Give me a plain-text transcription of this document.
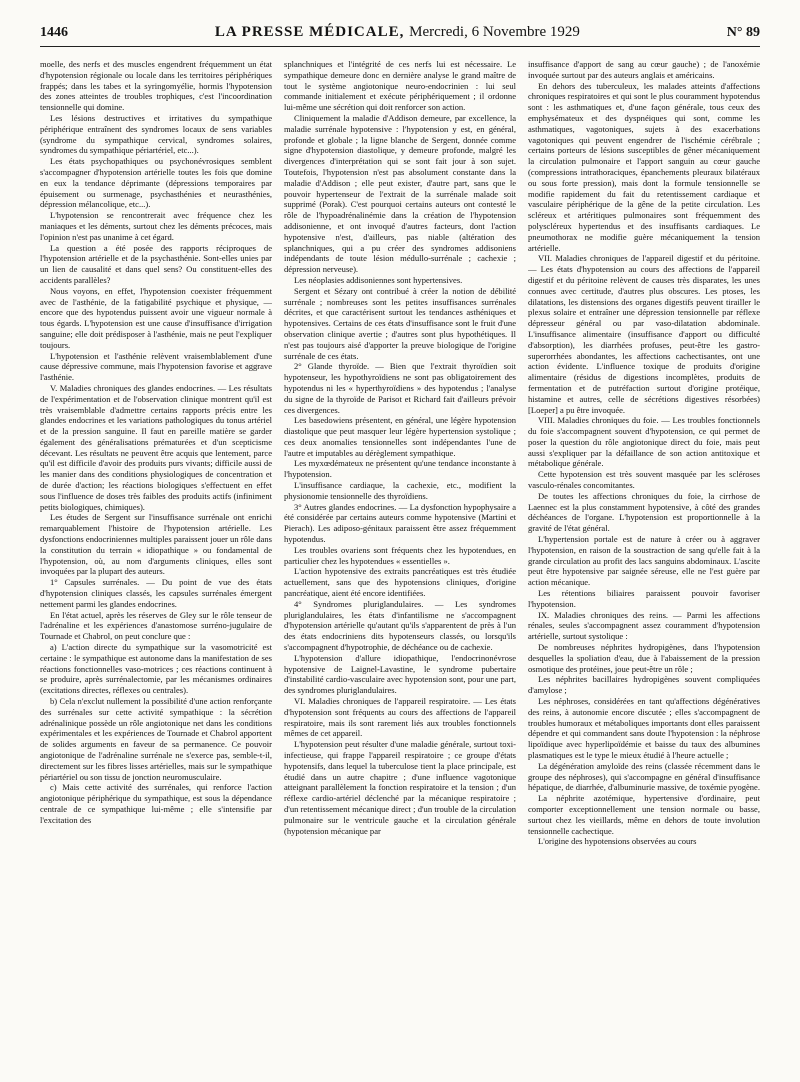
1446	LA PRESSE MÉDICALE, Mercredi, 6 Novembre 1929	N° 89

moelle, des nerfs et des muscles engendrent fréquemment un état d'hypotension régionale ou locale dans les territoires périphériques frappés; dans les tabes et la syringomyélie, hormis l'hypotension des zones atteintes de troubles trophiques, c'est l'incoordination tensionnelle qui domine.

Les lésions destructives et irritatives du sympathique périphérique entraînent des syndromes locaux de sens variables (syndrome du sympathique cervical, syndromes solaires, syndromes du sympathique périartériel, etc...).

Les états psychopathiques ou psychonévrosiques semblent s'accompagner d'hypotension artérielle toutes les fois que domine en eux la tendance déprimante (dépressions temporaires par épuisement ou surmenage, psychasthénies et neurasthénies, dépression mélancolique, etc...).

L'hypotension se rencontrerait avec fréquence chez les maniaques et les déments, surtout chez les déments précoces, mais l'opinion n'est pas unanime à cet égard.

La question a été posée des rapports réciproques de l'hypotension artérielle et de la psychasthénie. Sont-elles unies par un lien de causalité et dans quel sens? Ou constituent-elles des accidents parallèles?

Nous voyons, en effet, l'hypotension coexister fréquemment avec de l'asthénie, de la fatigabilité psychique et physique, — encore que des hypotendus puissent avoir une vigueur normale à tous égards. L'hypotension est une cause d'insuffisance d'irrigation sanguine; elle doit prédisposer à l'asthénie, mais ne peut l'expliquer toujours.

L'hypotension et l'asthénie relèvent vraisemblablement d'une cause dépressive commune, mais l'hypotension favorise et aggrave l'asthénie.

V. Maladies chroniques des glandes endocrines. — Les résultats de l'expérimentation et de l'observation clinique montrent qu'il est très vraisemblable d'admettre certains rapports précis entre les glandes endocrines et les variations pathologiques du tonus artériel et de la pression sanguine. Il faut en pareille matière se garder également des généralisations prématurées et d'un scepticisme décevant. Les résultats ne peuvent être acquis que lentement, parce qu'il est difficile d'avoir des produits purs vivants; difficile aussi de les manier dans des conditions physiologiques de concentration et de durée d'action; les réactions biologiques s'effectuent en effet sous l'influence de doses très faibles des produits actifs (infiniment petits biologiques, chimiques).

Les études de Sergent sur l'insuffisance surrénale ont enrichi remarquablement l'histoire de l'hypotension artérielle. Les dysfonctions endocriniennes multiples paraissent jouer un rôle dans la constitution du terrain « idiopathique » ou fondamental de l'hypotension, où, au nom d'arguments cliniques, elles sont invoquées par la plupart des auteurs.

1° Capsules surrénales. — Du point de vue des états d'hypotension cliniques classés, les capsules surrénales émergent nettement parmi les glandes endocrines.

En l'état actuel, après les réserves de Gley sur le rôle tenseur de l'adrénaline et les expériences d'anastomose surréno-jugulaire de Tournade et Chabrol, on peut conclure que :

a) L'action directe du sympathique sur la vasomotricité est certaine : le sympathique est autonome dans la manifestation de ses réactions fonctionnelles vaso-motrices ; ces réactions continuent à se produire, après surrénalectomie, par les mécanismes ordinaires (excitations directes, réflexes ou centrales).

b) Cela n'exclut nullement la possibilité d'une action renforçante des surrénales sur cette activité sympathique : la sécrétion adrénalinique possède un rôle angiotonique net dans les conditions expérimentales et les expériences de Tournade et Chabrol apportent de solides arguments en faveur de sa permanence. Ce pouvoir angiotonique de l'adrénaline surrénale ne s'exerce pas, semble-t-il, directement sur les fibres lisses artérielles, mais sur le sympathique périartériel ou son tissu de jonction neuromusculaire.

c) Mais cette activité des surrénales, qui renforce l'action angiotonique périphérique du sympathique, est sous la dépendance centrale de ce sympathique lui-même ; elle s'intensifie par l'excitation des

splanchniques et l'intégrité de ces nerfs lui est nécessaire. Le sympathique demeure donc en dernière analyse le grand maître de tout le système angiotonique neuro-endocrinien : lui seul commande initialement et exécute périphériquement ; il ordonne lui-même une sécrétion qui doit renforcer son action.

Cliniquement la maladie d'Addison demeure, par excellence, la maladie surrénale hypotensive : l'hypotension y est, en général, profonde et globale ; la ligne blanche de Sergent, donnée comme signe d'hypotension diastolique, y demeure profonde, malgré les divergences d'interprétation qui se sont fait jour à son sujet. Toutefois, l'hypotension n'est pas absolument constante dans la maladie d'Addison ; elle peut exister, d'autre part, sans que le pouvoir hypertenseur de l'extrait de la surrénale malade soit supprimé (Porak). C'est pourquoi certains auteurs ont contesté le rôle de l'hypoadrénalinémie dans la création de l'hypotension addisonienne, et ont invoqué d'autres facteurs, dont l'action hypotensive n'est, d'ailleurs, pas niable (altération des splanchniques, qui a pu créer des syndromes addisoniens indépendants de toute lésion médullo-surrénale ; cachexie ; dépression nerveuse).

Les néoplasies addisoniennes sont hypertensives.

Sergent et Sézary ont contribué à créer la notion de débilité surrénale ; nombreuses sont les petites insuffisances surrénales décrites, et que caractérisent surtout les tendances asthéniques et hypotensives. Certains de ces états d'insuffisance sont le fruit d'une observation clinique avertie ; d'autres sont plus hypothétiques. Il n'est pas toujours aisé d'apporter la preuve biologique de l'origine surrénale de ces états.

2° Glande thyroïde. — Bien que l'extrait thyroïdien soit hypotenseur, les hypothyroïdiens ne sont pas obligatoirement des hypotendus ni les « hyperthyroïdiens » des hypotendus ; l'analyse du signe de la thyroïde de Parisot et Richard fait d'ailleurs prévoir ces divergences.

Les basedowiens présentent, en général, une légère hypotension diastolique que peut masquer leur légère hypertension systolique ; ces deux anomalies tensionnelles sont indépendantes l'une de l'autre et imputables au dérèglement sympathique.

Les myxœdémateux ne présentent qu'une tendance inconstante à l'hypotension.

L'insuffisance cardiaque, la cachexie, etc., modifient la physionomie tensionnelle des thyroïdiens.

3° Autres glandes endocrines. — La dysfonction hypophysaire a été considérée par certains auteurs comme hypotensive (Martini et Pierach). Les adiposo-génitaux paraissent être assez fréquemment hypotendus.

Les troubles ovariens sont fréquents chez les hypotendues, en particulier chez les hypotendues « essentielles ».

L'action hypotensive des extraits pancréatiques est très étudiée actuellement, sans que des hypotensions cliniques, d'origine pancréatique, aient été encore identifiées.

4° Syndromes pluriglandulaires. — Les syndromes pluriglandulaires, les états d'infantilisme ne s'accompagnent d'hypotension artérielle qu'autant qu'ils s'apparentent de près à l'un des états endocriniens dits hypotenseurs classés, ou lorsqu'ils s'accompagnent d'hypotrophie, de déchéance ou de cachexie.

L'hypotension d'allure idiopathique, l'endocrinonévrose hypotensive de Laignel-Lavastine, le syndrome pubertaire d'instabilité cardio-vasculaire avec hypotension sont, pour une part, des syndromes pluriglandulaires.

VI. Maladies chroniques de l'appareil respiratoire. — Les états d'hypotension sont fréquents au cours des affections de l'appareil respiratoire, mais ils sont rarement liés aux troubles fonctionnels mêmes de cet appareil.

L'hypotension peut résulter d'une maladie générale, surtout toxi-infectieuse, qui frappe l'appareil respiratoire ; ce groupe d'états hypotensifs, dans lequel la tuberculose tient la place principale, est étudié dans un autre chapitre ; d'une influence vagotonique atteignant parallèlement la fonction respiratoire et la tension ; d'un réflexe cardio-artériel déclenché par la mécanique respiratoire ; d'un retentissement mécanique direct ; d'un trouble de la circulation pulmonaire sur le ventricule gauche et la circulation générale (hypotension mécanique par

insuffisance d'apport de sang au cœur gauche) ; de l'anoxémie invoquée surtout par des auteurs anglais et américains.

En dehors des tuberculeux, les malades atteints d'affections chroniques respiratoires et qui sont le plus couramment hypotendus sont : les asthmatiques et, d'une façon générale, tous ceux des emphysémateux et des dyspnéiques qui sont, comme les asthmatiques, vagotoniques, sujets à des exacerbations vagotoniques qui peuvent engendrer de l'ischémie cérébrale ; certains porteurs de lésions susceptibles de gêner mécaniquement la circulation pulmonaire et l'apport sanguin au cœur gauche (compressions intrathoraciques, épanchements pleuraux bilatéraux ou sous forte pression), mais dont la formule tensionnelle se modifie rapidement du fait du retentissement cardiaque et vasculaire périphérique de la gêne de la petite circulation. Les scléreux et artéritiques pulmonaires sont fréquemment des polyscléreux hypertendus et des insuffisants cardiaques. Le pneumothorax ne modifie guère mécaniquement la tension artérielle.

VII. Maladies chroniques de l'appareil digestif et du péritoine. — Les états d'hypotension au cours des affections de l'appareil digestif et du péritoine relèvent de causes très disparates, les unes connues avec certitude, d'autres plus obscures. Les ptoses, les dilatations, les distensions des organes digestifs peuvent tirailler le plexus solaire et entraîner une dépression tensionnelle par réflexe dépresseur général ou par vaso-dilatation abdominale. L'insuffisance alimentaire (insuffisance d'apport ou difficulté d'absorption), les diarrhées profuses, peut-être les gastro-superorrhées abondantes, les affections cachectisantes, ont une action évidente. L'influence toxique de produits d'origine alimentaire (résidus de digestions incomplètes, produits de fermentation et de putréfaction surtout d'origine protéique, histamine et autres, celle de sécrétions digestives résorbées) [Loeper] a pu être invoquée.

VIII. Maladies chroniques du foie. — Les troubles fonctionnels du foie s'accompagnent souvent d'hypotension, ce qui permet de poser la question du rôle angiotonique direct du foie, mais peut aussi s'expliquer par la défaillance de son action antitoxique et métabolique générale.

Cette hypotension est très souvent masquée par les scléroses vasculo-rénales concomitantes.

De toutes les affections chroniques du foie, la cirrhose de Laennec est la plus constamment hypotensive, à côté des grandes déchéances de l'organe. L'hypotension est proportionnelle à la gravité de l'état général.

L'hypertension portale est de nature à créer ou à aggraver l'hypotension, en raison de la soustraction de sang qu'elle fait à la grande circulation au profit des lacs sanguins abdominaux. L'ascite peut être hypotensive par saignée séreuse, elle ne l'est guère par action mécanique.

Les rétentions biliaires paraissent pouvoir favoriser l'hypotension.

IX. Maladies chroniques des reins. — Parmi les affections rénales, seules s'accompagnent assez couramment d'hypotension artérielle, surtout systolique :

De nombreuses néphrites hydropigènes, dans l'hypotension desquelles la spoliation d'eau, due à l'abaissement de la pression osmotique des protéines, joue peut-être un rôle ;

Les néphrites bacillaires hydropigènes souvent compliquées d'amylose ;

Les néphroses, considérées en tant qu'affections dégénératives des reins, à autonomie encore discutée ; elles s'accompagnent de troubles humoraux et métaboliques importants dont elles paraissent dépendre et qui commandent sans doute l'hypotension : la néphrose lipoïdique avec hyperlipoïdémie et baisse du taux des albumines plasmatiques est le type le mieux étudié à l'heure actuelle ;

La dégénération amyloïde des reins (classée récemment dans le groupe des néphroses), qui s'accompagne en général d'insuffisance hépatique, de diarrhée, d'albuminurie massive, de toxémie pyogène.

La néphrite azotémique, hypertensive d'ordinaire, peut comporter exceptionnellement une tension normale ou basse, surtout chez les vieillards, même en dehors de toute involution tensionnelle cachectique.

L'origine des hypotensions observées au cours
